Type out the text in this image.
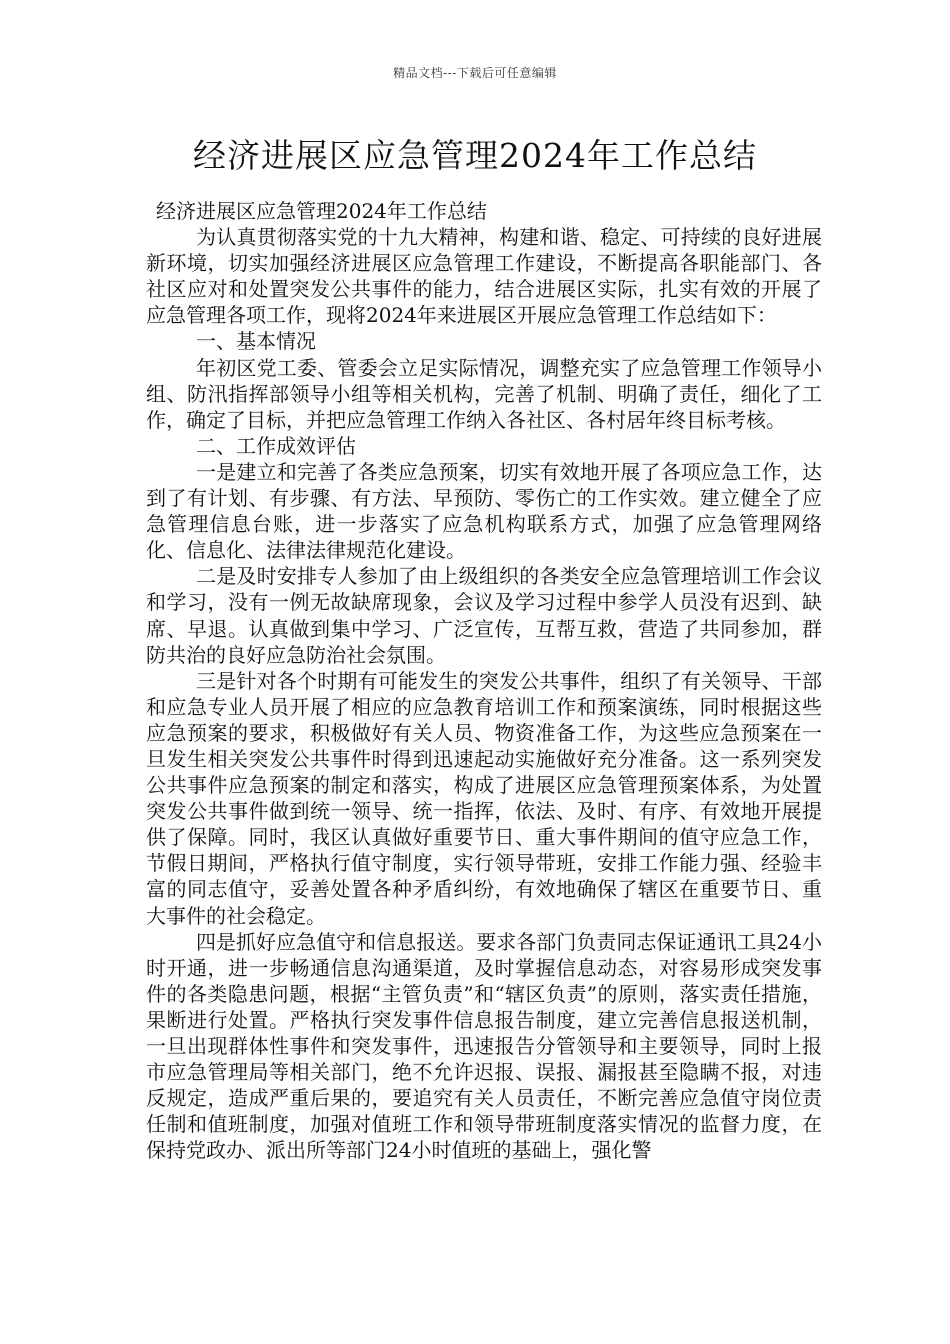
精品文档---下载后可任意编辑
经济进展区应急管理2024年工作总结

经济进展区应急管理2024年工作总结

为认真贯彻落实党的十九大精神，构建和谐、稳定、可持续的良好进展新环境，切实加强经济进展区应急管理工作建设，不断提高各职能部门、各社区应对和处置突发公共事件的能力，结合进展区实际，扎实有效的开展了应急管理各项工作，现将2024年来进展区开展应急管理工作总结如下：

一、基本情况

年初区党工委、管委会立足实际情况，调整充实了应急管理工作领导小组、防汛指挥部领导小组等相关机构，完善了机制、明确了责任，细化了工作，确定了目标，并把应急管理工作纳入各社区、各村居年终目标考核。

二、工作成效评估

一是建立和完善了各类应急预案，切实有效地开展了各项应急工作，达到了有计划、有步骤、有方法、早预防、零伤亡的工作实效。建立健全了应急管理信息台账，进一步落实了应急机构联系方式，加强了应急管理网络化、信息化、法律法律规范化建设。

二是及时安排专人参加了由上级组织的各类安全应急管理培训工作会议和学习，没有一例无故缺席现象，会议及学习过程中参学人员没有迟到、缺席、早退。认真做到集中学习、广泛宣传，互帮互救，营造了共同参加，群防共治的良好应急防治社会氛围。

三是针对各个时期有可能发生的突发公共事件，组织了有关领导、干部和应急专业人员开展了相应的应急教育培训工作和预案演练，同时根据这些应急预案的要求，积极做好有关人员、物资准备工作，为这些应急预案在一旦发生相关突发公共事件时得到迅速起动实施做好充分准备。这一系列突发公共事件应急预案的制定和落实，构成了进展区应急管理预案体系，为处置突发公共事件做到统一领导、统一指挥，依法、及时、有序、有效地开展提供了保障。同时，我区认真做好重要节日、重大事件期间的值守应急工作，节假日期间，严格执行值守制度，实行领导带班，安排工作能力强、经验丰富的同志值守，妥善处置各种矛盾纠纷，有效地确保了辖区在重要节日、重大事件的社会稳定。

四是抓好应急值守和信息报送。要求各部门负责同志保证通讯工具24小时开通，进一步畅通信息沟通渠道，及时掌握信息动态，对容易形成突发事件的各类隐患问题，根据“主管负责”和“辖区负责”的原则，落实责任措施，果断进行处置。严格执行突发事件信息报告制度，建立完善信息报送机制，一旦出现群体性事件和突发事件，迅速报告分管领导和主要领导，同时上报市应急管理局等相关部门，绝不允许迟报、误报、漏报甚至隐瞒不报，对违反规定，造成严重后果的，要追究有关人员责任，不断完善应急值守岗位责任制和值班制度，加强对值班工作和领导带班制度落实情况的监督力度，在保持党政办、派出所等部门24小时值班的基础上，强化警
